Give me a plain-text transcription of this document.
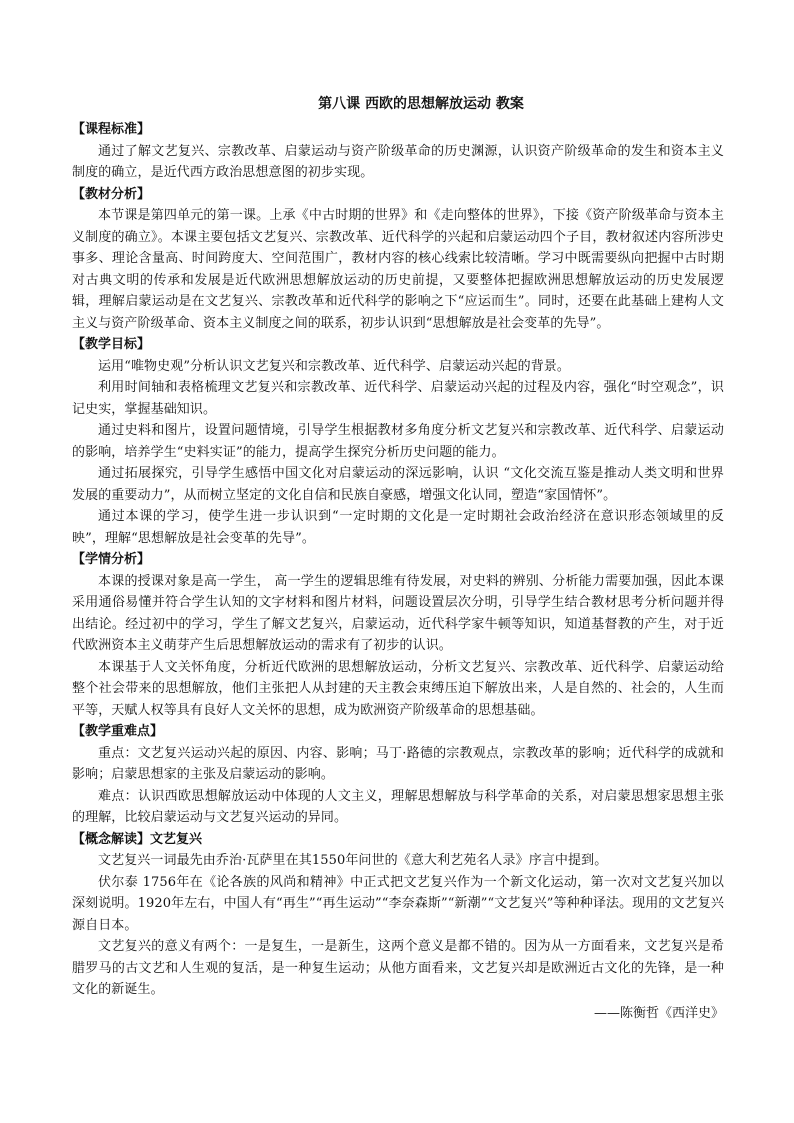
第八课 西欧的思想解放运动 教案

【课程标准】

通过了解文艺复兴、宗教改革、启蒙运动与资产阶级革命的历史渊源，认识资产阶级革命的发生和资本主义制度的确立，是近代西方政治思想意图的初步实现。

【教材分析】

本节课是第四单元的第一课。上承《中古时期的世界》和《走向整体的世界》，下接《资产阶级革命与资本主义制度的确立》。本课主要包括文艺复兴、宗教改革、近代科学的兴起和启蒙运动四个子目，教材叙述内容所涉史事多、理论含量高、时间跨度大、空间范围广，教材内容的核心线索比较清晰。学习中既需要纵向把握中古时期对古典文明的传承和发展是近代欧洲思想解放运动的历史前提，又要整体把握欧洲思想解放运动的历史发展逻辑，理解启蒙运动是在文艺复兴、宗教改革和近代科学的影响之下“应运而生”。同时，还要在此基础上建构人文主义与资产阶级革命、资本主义制度之间的联系，初步认识到“思想解放是社会变革的先导”。

【教学目标】

运用“唯物史观”分析认识文艺复兴和宗教改革、近代科学、启蒙运动兴起的背景。

利用时间轴和表格梳理文艺复兴和宗教改革、近代科学、启蒙运动兴起的过程及内容，强化“时空观念”，识记史实，掌握基础知识。

通过史料和图片，设置问题情境，引导学生根据教材多角度分析文艺复兴和宗教改革、近代科学、启蒙运动的影响，培养学生“史料实证”的能力，提高学生探究分析历史问题的能力。

通过拓展探究，引导学生感悟中国文化对启蒙运动的深远影响，认识 “文化交流互鉴是推动人类文明和世界发展的重要动力”，从而树立坚定的文化自信和民族自豪感，增强文化认同，塑造“家国情怀”。

通过本课的学习，使学生进一步认识到“一定时期的文化是一定时期社会政治经济在意识形态领域里的反映”，理解“思想解放是社会变革的先导”。

【学情分析】

本课的授课对象是高一学生， 高一学生的逻辑思维有待发展，对史料的辨别、分析能力需要加强，因此本课采用通俗易懂并符合学生认知的文字材料和图片材料，问题设置层次分明，引导学生结合教材思考分析问题并得出结论。经过初中的学习，学生了解文艺复兴，启蒙运动，近代科学家牛顿等知识，知道基督教的产生，对于近代欧洲资本主义萌芽产生后思想解放运动的需求有了初步的认识。

本课基于人文关怀角度，分析近代欧洲的思想解放运动，分析文艺复兴、宗教改革、近代科学、启蒙运动给整个社会带来的思想解放，他们主张把人从封建的天主教会束缚压迫下解放出来，人是自然的、社会的，人生而平等，天赋人权等具有良好人文关怀的思想，成为欧洲资产阶级革命的思想基础。

【教学重难点】

重点：文艺复兴运动兴起的原因、内容、影响；马丁·路德的宗教观点，宗教改革的影响；近代科学的成就和影响；启蒙思想家的主张及启蒙运动的影响。

难点：认识西欧思想解放运动中体现的人文主义，理解思想解放与科学革命的关系，对启蒙思想家思想主张的理解，比较启蒙运动与文艺复兴运动的异同。

【概念解读】文艺复兴

文艺复兴一词最先由乔治·瓦萨里在其1550年问世的《意大利艺苑名人录》序言中提到。

伏尔泰 1756年在《论各族的风尚和精神》中正式把文艺复兴作为一个新文化运动，第一次对文艺复兴加以深刻说明。1920年左右，中国人有“再生”“再生运动”“李奈森斯”“新潮”“文艺复兴”等种种译法。现用的文艺复兴源自日本。

文艺复兴的意义有两个：一是复生，一是新生，这两个意义是都不错的。因为从一方面看来，文艺复兴是希腊罗马的古文艺和人生观的复活，是一种复生运动；从他方面看来，文艺复兴却是欧洲近古文化的先锋，是一种文化的新诞生。

——陈衡哲《西洋史》
